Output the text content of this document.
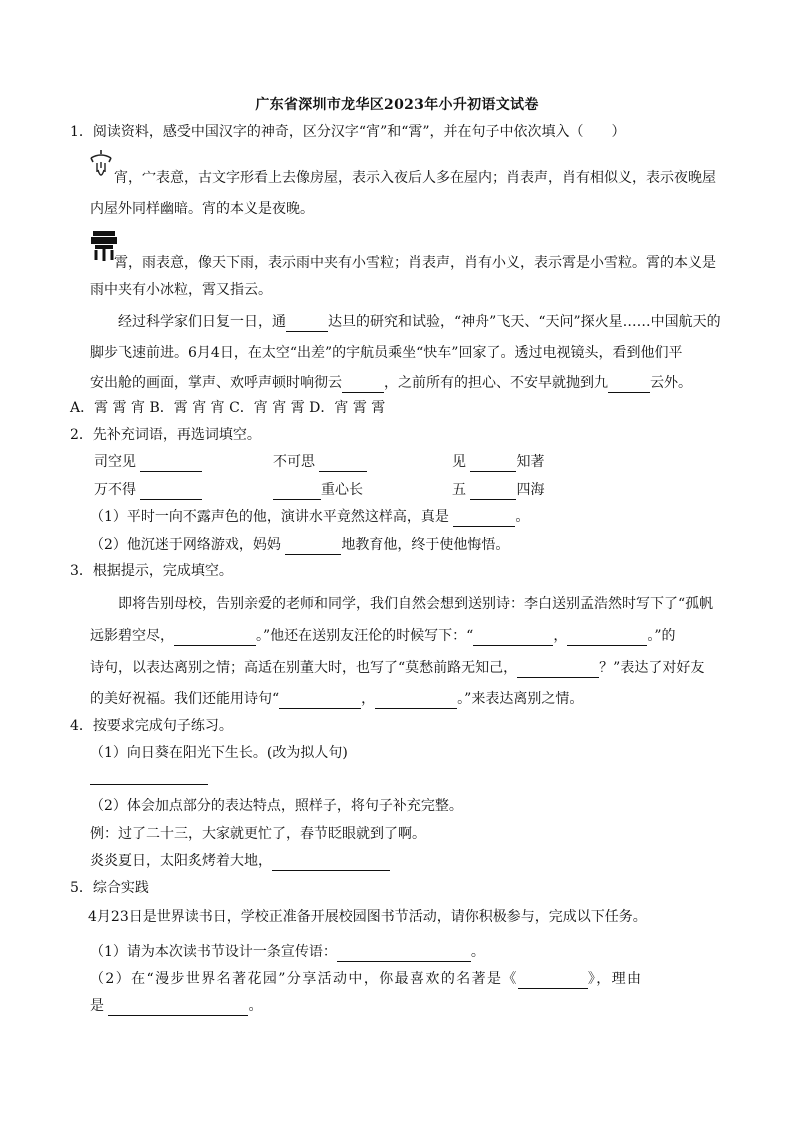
广东省深圳市龙华区2023年小升初语文试卷
1．阅读资料，感受中国汉字的神奇，区分汉字“宵”和“霄”，并在句子中依次填入（　　）
宵，宀表意，古文字形看上去像房屋，表示入夜后人多在屋内；肖表声，肖有相似义，表示夜晚屋
内屋外同样幽暗。宵的本义是夜晚。
霄，雨表意，像天下雨，表示雨中夹有小雪粒；肖表声，肖有小义，表示霄是小雪粒。霄的本义是
雨中夹有小冰粒，霄又指云。
经过科学家们日复一日，通	达旦的研究和试验，“神舟”飞天、“天问”探火星……中国航天的
脚步飞速前进。6月4日，在太空“出差”的宇航员乘坐“快车”回家了。透过电视镜头，看到他们平
安出舱的画面，掌声、欢呼声顿时响彻云	，之前所有的担心、不安早就抛到九	云外。
A．霄 霄 宵 B．霄 宵 宵 C．宵 宵 霄 D．宵 霄 霄
2．先补充词语，再选词填空。
司空见	不可思	见	知著
万不得	重心长	五	四海
（1）平时一向不露声色的他，演讲水平竟然这样高，真是	。
（2）他沉迷于网络游戏，妈妈	地教育他，终于使他悔悟。
3．根据提示，完成填空。
即将告别母校，告别亲爱的老师和同学，我们自然会想到送别诗：李白送别孟浩然时写下了“孤帆
远影碧空尽，	。”他还在送别友汪伦的时候写下：“	，	。”的
诗句，以表达离别之情；高适在别董大时，也写了“莫愁前路无知己，	？”表达了对好友
的美好祝福。我们还能用诗句“	，	。”来表达离别之情。
4．按要求完成句子练习。
（1）向日葵在阳光下生长。(改为拟人句)
（2）体会加点部分的表达特点，照样子，将句子补充完整。
例：过了二十三，大家就更忙了，春节眨眼就到了啊。
炎炎夏日，太阳炙烤着大地，
5．综合实践
4月23日是世界读书日，学校正准备开展校园图书节活动，请你积极参与，完成以下任务。
（1）请为本次读书节设计一条宣传语：	。
（2）在“漫步世界名著花园”分享活动中，你最喜欢的名著是《	》，理由
是	。
